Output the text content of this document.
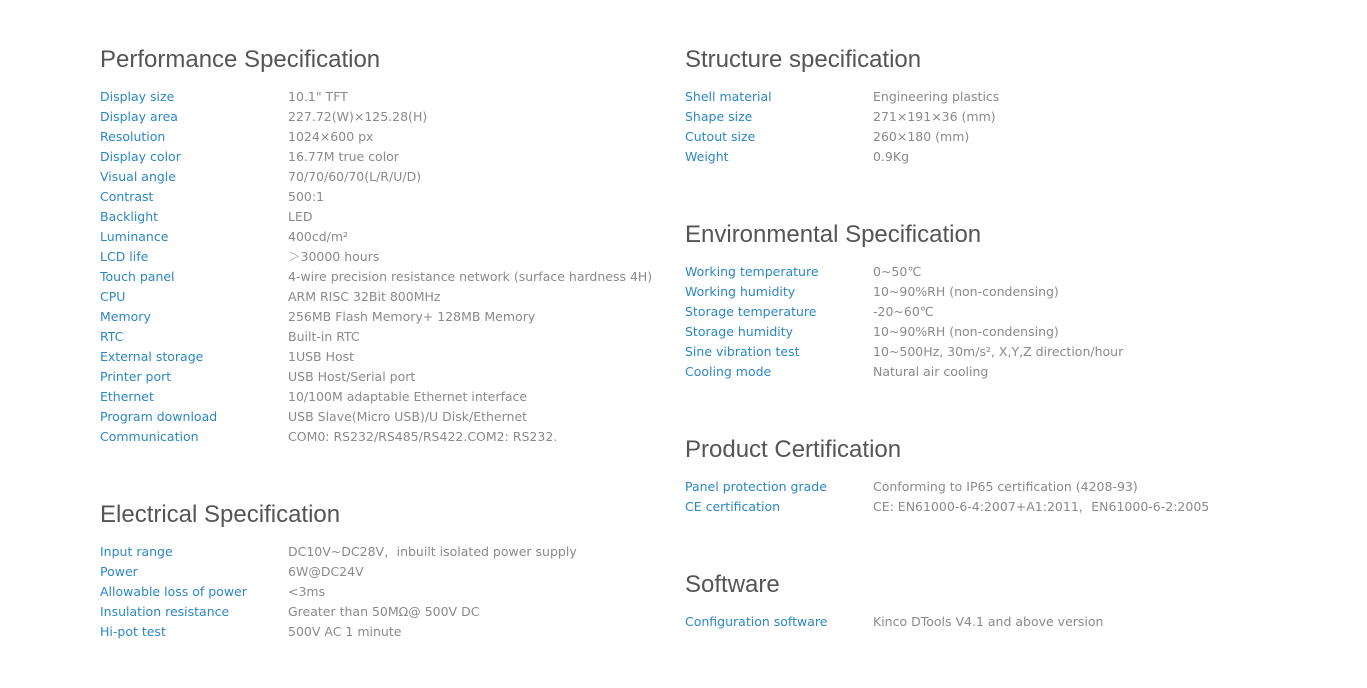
Performance Specification
Display size	10.1" TFT
Display area	227.72(W)×125.28(H)
Resolution	1024×600 px
Display color	16.77M true color
Visual angle	70/70/60/70(L/R/U/D)
Contrast	500:1
Backlight	LED
Luminance	400cd/m²
LCD life	＞30000 hours
Touch panel	4-wire precision resistance network (surface hardness 4H)
CPU	ARM RISC 32Bit 800MHz
Memory	256MB Flash Memory+ 128MB Memory
RTC	Built-in RTC
External storage	1USB Host
Printer port	USB Host/Serial port
Ethernet	10/100M adaptable Ethernet interface
Program download	USB Slave(Micro USB)/U Disk/Ethernet
Communication	COM0: RS232/RS485/RS422.COM2: RS232.
Electrical Specification
Input range	DC10V~DC28V，inbuilt isolated power supply
Power	6W@DC24V
Allowable loss of power	<3ms
Insulation resistance	Greater than 50MΩ@ 500V DC
Hi-pot test	500V AC 1 minute
Structure specification
Shell material	Engineering plastics
Shape size	271×191×36 (mm)
Cutout size	260×180 (mm)
Weight	0.9Kg
Environmental Specification
Working temperature	0~50℃
Working humidity	10~90%RH (non-condensing)
Storage temperature	-20~60℃
Storage humidity	10~90%RH (non-condensing)
Sine vibration test	10~500Hz, 30m/s², X,Y,Z direction/hour
Cooling mode	Natural air cooling
Product Certification
Panel protection grade	Conforming to IP65 certification (4208-93)
CE certification	CE: EN61000-6-4:2007+A1:2011，EN61000-6-2:2005
Software
Configuration software	Kinco DTools V4.1 and above version
